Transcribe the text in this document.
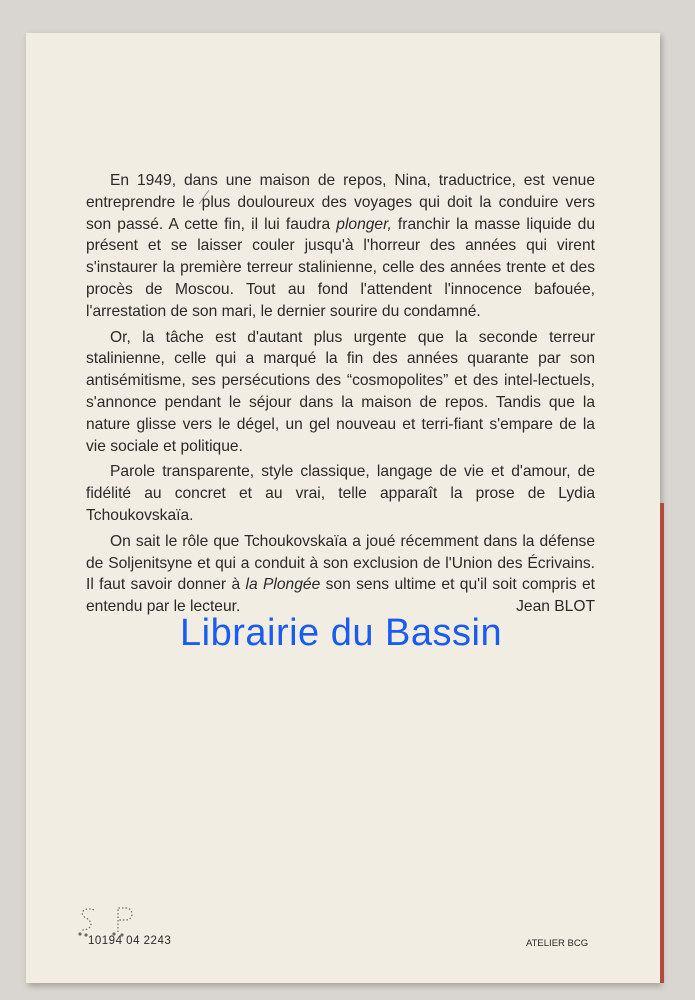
En 1949, dans une maison de repos, Nina, traductrice, est venue entreprendre le plus douloureux des voyages qui doit la conduire vers son passé. A cette fin, il lui faudra plonger, franchir la masse liquide du présent et se laisser couler jusqu'à l'horreur des années qui virent s'instaurer la première terreur stalinienne, celle des années trente et des procès de Moscou. Tout au fond l'attendent l'innocence bafouée, l'arrestation de son mari, le dernier sourire du condamné.

Or, la tâche est d'autant plus urgente que la seconde terreur stalinienne, celle qui a marqué la fin des années quarante par son antisémitisme, ses persécutions des “cosmopolites” et des intel-lectuels, s'annonce pendant le séjour dans la maison de repos. Tandis que la nature glisse vers le dégel, un gel nouveau et terri-fiant s'empare de la vie sociale et politique.

Parole transparente, style classique, langage de vie et d'amour, de fidélité au concret et au vrai, telle apparaît la prose de Lydia Tchoukovskaïa.

On sait le rôle que Tchoukovskaïa a joué récemment dans la défense de Soljenitsyne et qui a conduit à son exclusion de l'Union des Écrivains. Il faut savoir donner à la Plongée son sens ultime et qu'il soit compris et entendu par le lecteur.	Jean BLOT
Librairie du Bassin
10194 04 2243	ATELIER BCG
